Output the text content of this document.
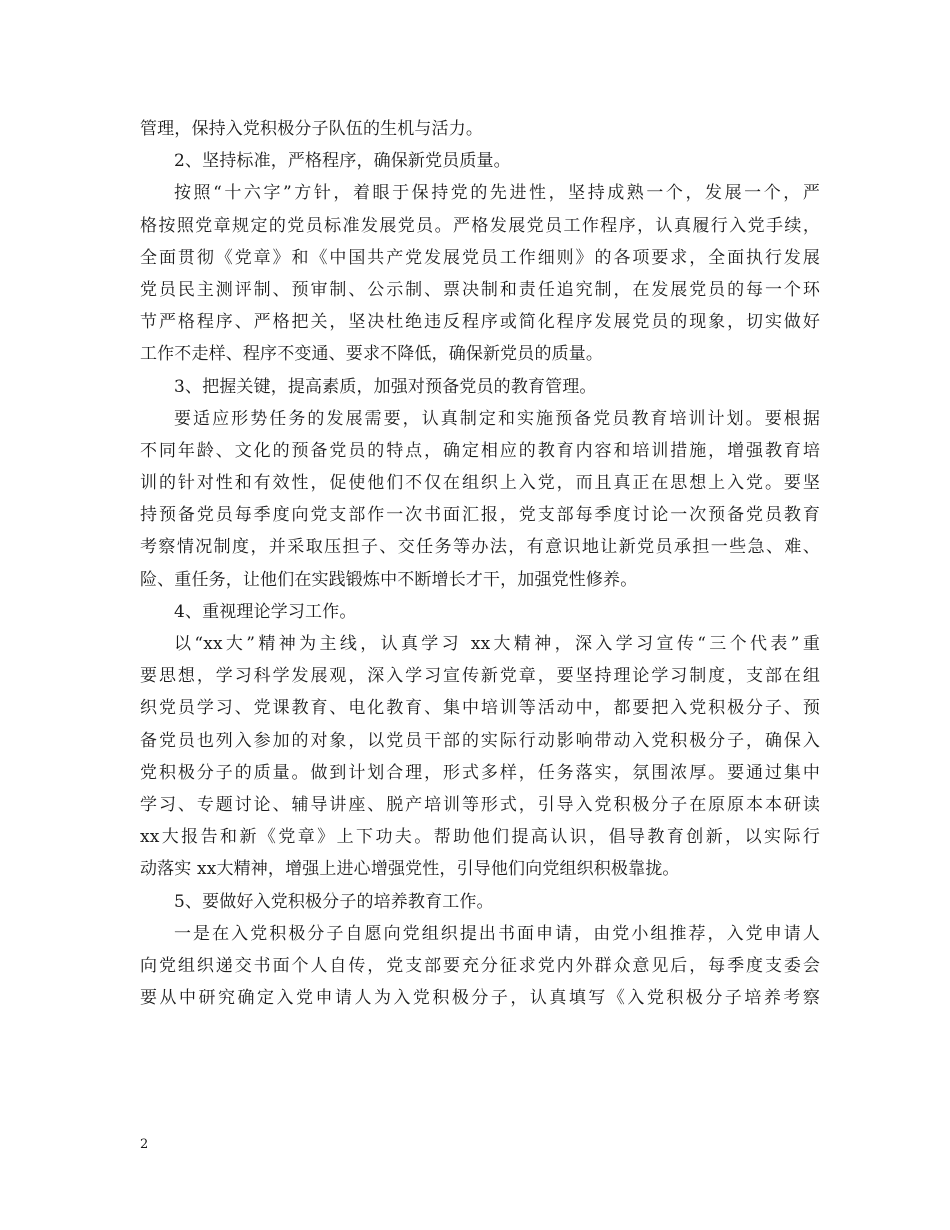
管理，保持入党积极分子队伍的生机与活力。
2、坚持标准，严格程序，确保新党员质量。
按照“十六字”方针，着眼于保持党的先进性，坚持成熟一个，发展一个，严
格按照党章规定的党员标准发展党员。严格发展党员工作程序，认真履行入党手续，
全面贯彻《党章》和《中国共产党发展党员工作细则》的各项要求，全面执行发展
党员民主测评制、预审制、公示制、票决制和责任追究制，在发展党员的每一个环
节严格程序、严格把关，坚决杜绝违反程序或简化程序发展党员的现象，切实做好
工作不走样、程序不变通、要求不降低，确保新党员的质量。
3、把握关键，提高素质，加强对预备党员的教育管理。
要适应形势任务的发展需要，认真制定和实施预备党员教育培训计划。要根据
不同年龄、文化的预备党员的特点，确定相应的教育内容和培训措施，增强教育培
训的针对性和有效性，促使他们不仅在组织上入党，而且真正在思想上入党。要坚
持预备党员每季度向党支部作一次书面汇报，党支部每季度讨论一次预备党员教育
考察情况制度，并采取压担子、交任务等办法，有意识地让新党员承担一些急、难、
险、重任务，让他们在实践锻炼中不断增长才干，加强党性修养。
4、重视理论学习工作。
以“xx大”精神为主线，认真学习 xx大精神，深入学习宣传“三个代表”重
要思想，学习科学发展观，深入学习宣传新党章，要坚持理论学习制度，支部在组
织党员学习、党课教育、电化教育、集中培训等活动中，都要把入党积极分子、预
备党员也列入参加的对象，以党员干部的实际行动影响带动入党积极分子，确保入
党积极分子的质量。做到计划合理，形式多样，任务落实，氛围浓厚。要通过集中
学习、专题讨论、辅导讲座、脱产培训等形式，引导入党积极分子在原原本本研读
xx大报告和新《党章》上下功夫。帮助他们提高认识，倡导教育创新，以实际行
动落实 xx大精神，增强上进心增强党性，引导他们向党组织积极靠拢。
5、要做好入党积极分子的培养教育工作。
一是在入党积极分子自愿向党组织提出书面申请，由党小组推荐，入党申请人
向党组织递交书面个人自传，党支部要充分征求党内外群众意见后，每季度支委会
要从中研究确定入党申请人为入党积极分子，认真填写《入党积极分子培养考察
2
